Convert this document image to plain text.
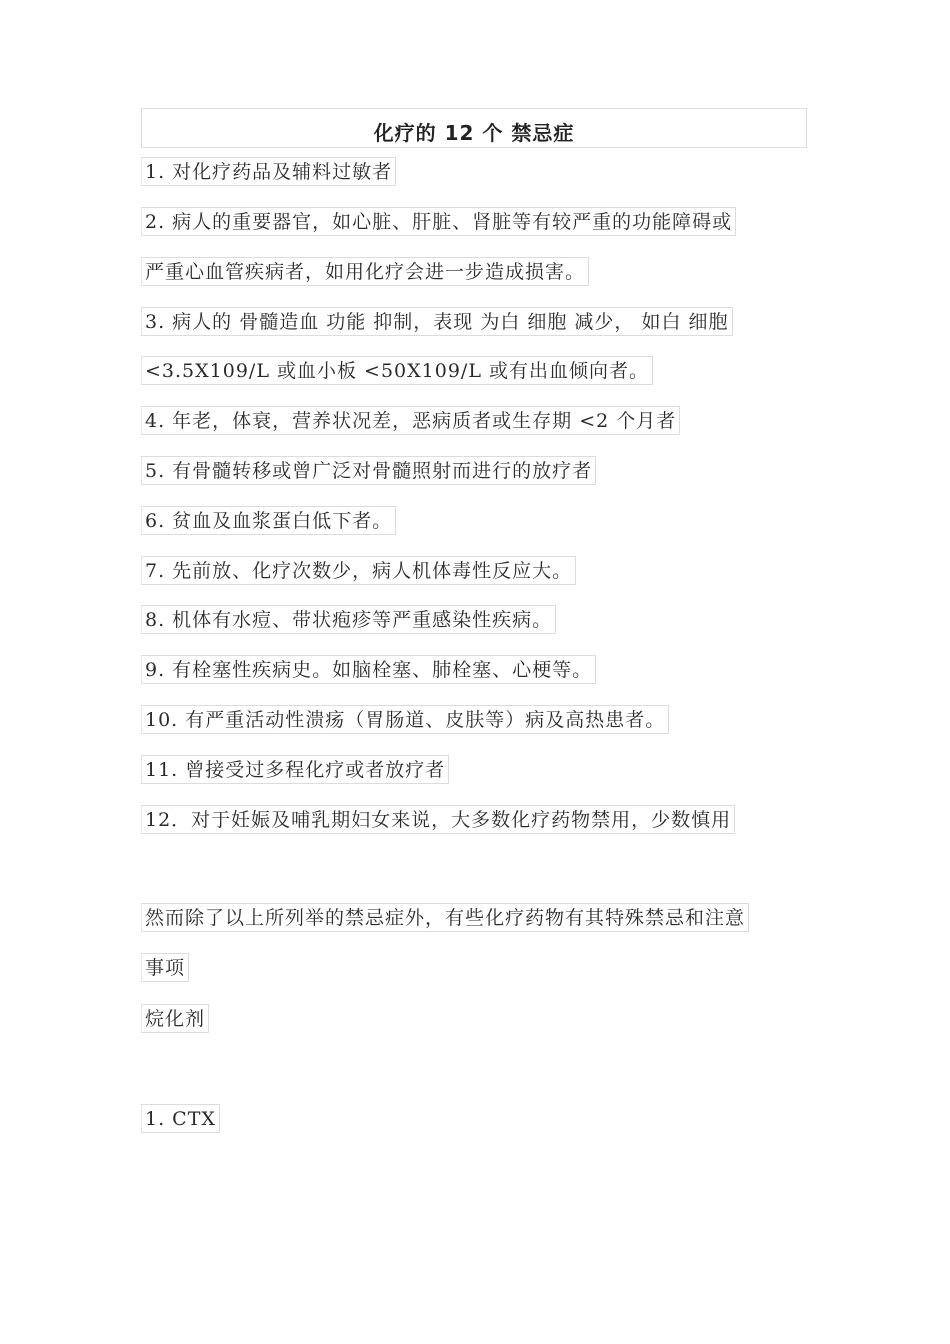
化疗的 12 个 禁忌症
1. 对化疗药品及辅料过敏者
2. 病人的重要器官，如心脏、肝脏、肾脏等有较严重的功能障碍或
严重心血管疾病者，如用化疗会进一步造成损害。
3. 病人的 骨髓造血 功能 抑制，表现 为白 细胞 减少， 如白 细胞
<3.5X109/L 或血小板 <50X109/L 或有出血倾向者。
4. 年老，体衰，营养状况差，恶病质者或生存期 <2 个月者
5. 有骨髓转移或曾广泛对骨髓照射而进行的放疗者
6. 贫血及血浆蛋白低下者。
7. 先前放、化疗次数少，病人机体毒性反应大。
8. 机体有水痘、带状疱疹等严重感染性疾病。
9. 有栓塞性疾病史。如脑栓塞、肺栓塞、心梗等。
10. 有严重活动性溃疡（胃肠道、皮肤等）病及高热患者。
11. 曾接受过多程化疗或者放疗者
12．对于妊娠及哺乳期妇女来说，大多数化疗药物禁用，少数慎用
然而除了以上所列举的禁忌症外，有些化疗药物有其特殊禁忌和注意
事项
烷化剂
1. CTX
